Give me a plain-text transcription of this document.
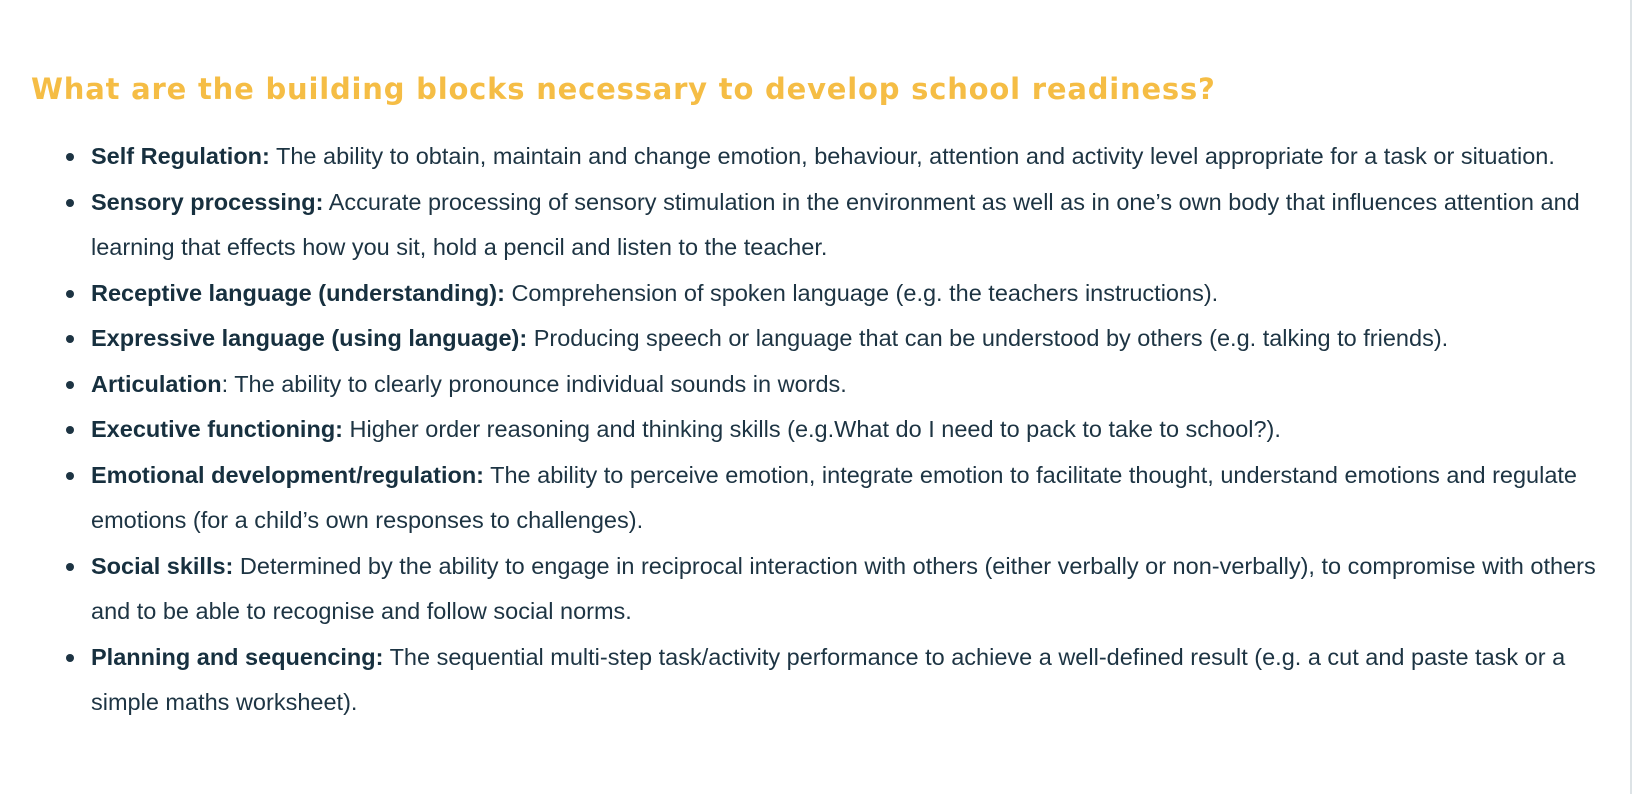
What are the building blocks necessary to develop school readiness?
Self Regulation: The ability to obtain, maintain and change emotion, behaviour, attention and activity level appropriate for a task or situation.
Sensory processing: Accurate processing of sensory stimulation in the environment as well as in one’s own body that influences attention and learning that effects how you sit, hold a pencil and listen to the teacher.
Receptive language (understanding): Comprehension of spoken language (e.g. the teachers instructions).
Expressive language (using language): Producing speech or language that can be understood by others (e.g. talking to friends).
Articulation: The ability to clearly pronounce individual sounds in words.
Executive functioning: Higher order reasoning and thinking skills (e.g.What do I need to pack to take to school?).
Emotional development/regulation: The ability to perceive emotion, integrate emotion to facilitate thought, understand emotions and regulate emotions (for a child’s own responses to challenges).
Social skills: Determined by the ability to engage in reciprocal interaction with others (either verbally or non-verbally), to compromise with others and to be able to recognise and follow social norms.
Planning and sequencing: The sequential multi-step task/activity performance to achieve a well-defined result (e.g. a cut and paste task or a simple maths worksheet).
